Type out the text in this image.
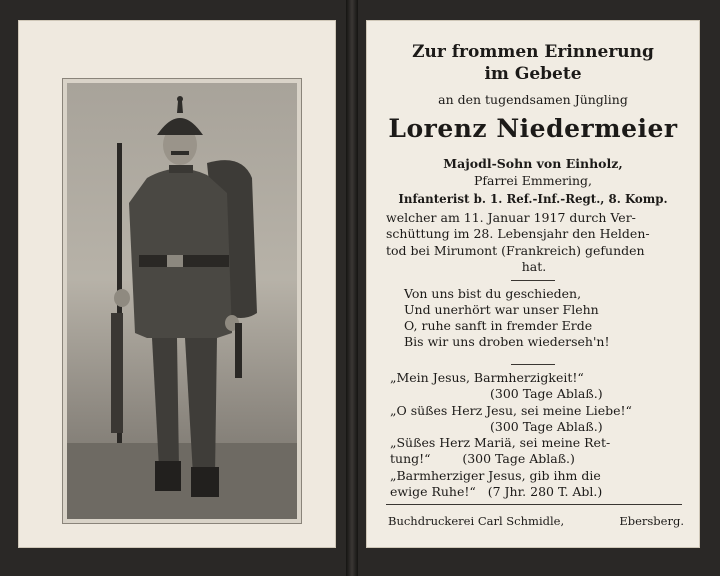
Zur frommen Erinnerung
im Gebete
an den tugendsamen Jüngling
Lorenz Niedermeier
Majodl-Sohn von Einholz,
Pfarrei Emmering,
Infanterist b. 1. Ref.-Inf.-Regt., 8. Komp.
welcher am 11. Januar 1917 durch Ver-
schüttung im 28. Lebensjahr den Helden-
tod bei Mirumont (Frankreich) gefunden
hat.
Von uns bist du geschieden,
Und unerhört war unser Flehn
O, ruhe sanft in fremder Erde
Bis wir uns droben wiederseh'n!
„Mein Jesus, Barmherzigkeit!“
(300 Tage Ablaß.)
„O süßes Herz Jesu, sei meine Liebe!“
(300 Tage Ablaß.)
„Süßes Herz Mariä, sei meine Ret-
tung!“        (300 Tage Ablaß.)
„Barmherziger Jesus, gib ihm die
ewige Ruhe!“   (7 Jhr. 280 T. Abl.)
Buchdruckerei Carl Schmidle,	Ebersberg.
